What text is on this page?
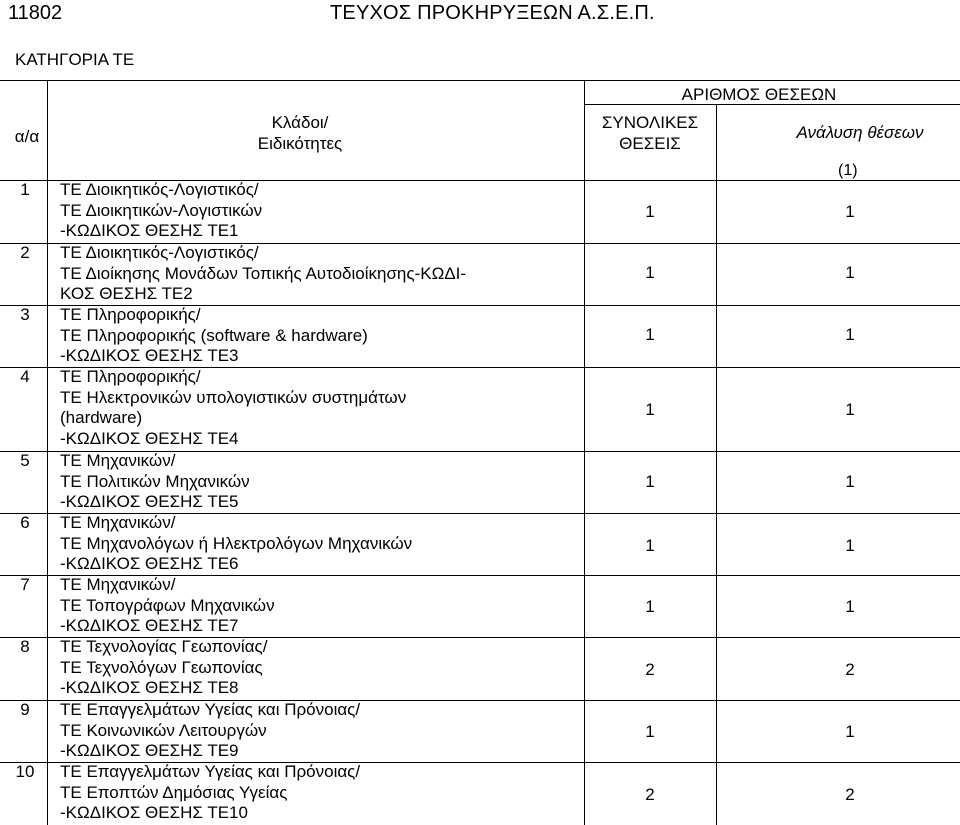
11802	ΤΕΥΧΟΣ ΠΡΟΚΗΡΥΞΕΩΝ Α.Σ.Ε.Π.
ΚΑΤΗΓΟΡΙΑ ΤΕ
α/α
Κλάδοι/
Ειδικότητες
ΑΡΙΘΜΟΣ ΘΕΣΕΩΝ
ΣΥΝΟΛΙΚΕΣ
ΘΕΣΕΙΣ
Ανάλυση θέσεων
(1)
1	ΤΕ Διοικητικός-Λογιστικός/
ΤΕ Διοικητικών-Λογιστικών
-ΚΩΔΙΚΟΣ ΘΕΣΗΣ ΤΕ1
1	1
2	ΤΕ Διοικητικός-Λογιστικός/
ΤΕ Διοίκησης Μονάδων Τοπικής Αυτοδιοίκησης-ΚΩΔΙ-
ΚΟΣ ΘΕΣΗΣ ΤΕ2
1	1
3	ΤΕ Πληροφορικής/
ΤΕ Πληροφορικής (software & hardware)
-ΚΩΔΙΚΟΣ ΘΕΣΗΣ ΤΕ3
1	1
4	ΤΕ Πληροφορικής/
ΤΕ Ηλεκτρονικών υπολογιστικών συστημάτων
(hardware)
-ΚΩΔΙΚΟΣ ΘΕΣΗΣ ΤΕ4
1	1
5	ΤΕ Μηχανικών/
ΤΕ Πολιτικών Μηχανικών
-ΚΩΔΙΚΟΣ ΘΕΣΗΣ ΤΕ5
1	1
6	ΤΕ Μηχανικών/
ΤΕ Μηχανολόγων ή Ηλεκτρολόγων Μηχανικών
-ΚΩΔΙΚΟΣ ΘΕΣΗΣ ΤΕ6
1	1
7	ΤΕ Μηχανικών/
ΤΕ Τοπογράφων Μηχανικών
-ΚΩΔΙΚΟΣ ΘΕΣΗΣ ΤΕ7
1	1
8	ΤΕ Τεχνολογίας Γεωπονίας/
ΤΕ Τεχνολόγων Γεωπονίας
-ΚΩΔΙΚΟΣ ΘΕΣΗΣ ΤΕ8
2	2
9	ΤΕ Επαγγελμάτων Υγείας και Πρόνοιας/
ΤΕ Κοινωνικών Λειτουργών
-ΚΩΔΙΚΟΣ ΘΕΣΗΣ ΤΕ9
1	1
10 ΤΕ Επαγγελμάτων Υγείας και Πρόνοιας/
ΤΕ Εποπτών Δημόσιας Υγείας
-ΚΩΔΙΚΟΣ ΘΕΣΗΣ ΤΕ10
2	2
